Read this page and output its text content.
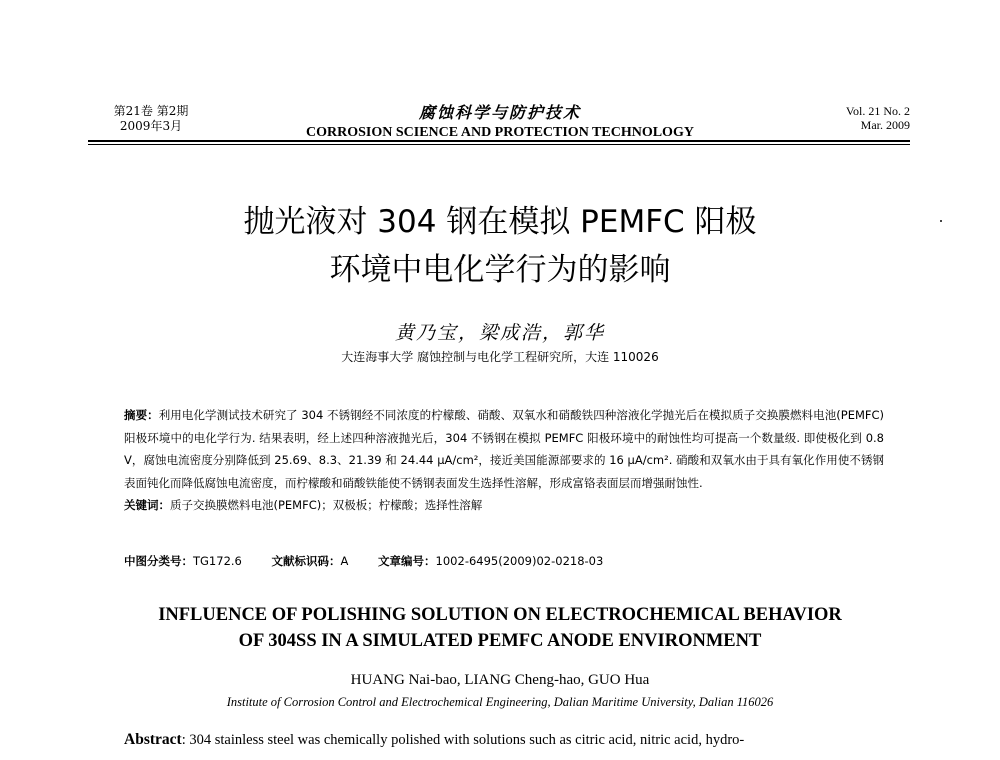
第21卷 第2期
2009年3月
腐蚀科学与防护技术
CORROSION SCIENCE AND PROTECTION TECHNOLOGY
Vol. 21 No. 2
Mar. 2009
抛光液对 304 钢在模拟 PEMFC 阳极
环境中电化学行为的影响
黄乃宝，梁成浩，郭华
大连海事大学 腐蚀控制与电化学工程研究所，大连 110026
摘要：利用电化学测试技术研究了 304 不锈钢经不同浓度的柠檬酸、硝酸、双氧水和硝酸铁四种溶液化学抛光后在模拟质子交换膜燃料电池(PEMFC)阳极环境中的电化学行为. 结果表明，经上述四种溶液抛光后，304 不锈钢在模拟 PEMFC 阳极环境中的耐蚀性均可提高一个数量级. 即使极化到 0.8 V，腐蚀电流密度分别降低到 25.69、8.3、21.39 和 24.44 μA/cm²，接近美国能源部要求的 16 μA/cm². 硝酸和双氧水由于具有氧化作用使不锈钢表面钝化而降低腐蚀电流密度，而柠檬酸和硝酸铁能使不锈钢表面发生选择性溶解，形成富铬表面层而增强耐蚀性.
关键词：质子交换膜燃料电池(PEMFC)；双极板；柠檬酸；选择性溶解
中图分类号：TG172.6	文献标识码：A	文章编号：1002-6495(2009)02-0218-03
INFLUENCE OF POLISHING SOLUTION ON ELECTROCHEMICAL BEHAVIOR
OF 304SS IN A SIMULATED PEMFC ANODE ENVIRONMENT
HUANG Nai-bao, LIANG Cheng-hao, GUO Hua
Institute of Corrosion Control and Electrochemical Engineering, Dalian Maritime University, Dalian 116026
Abstract: 304 stainless steel was chemically polished with solutions such as citric acid, nitric acid, hydro-
